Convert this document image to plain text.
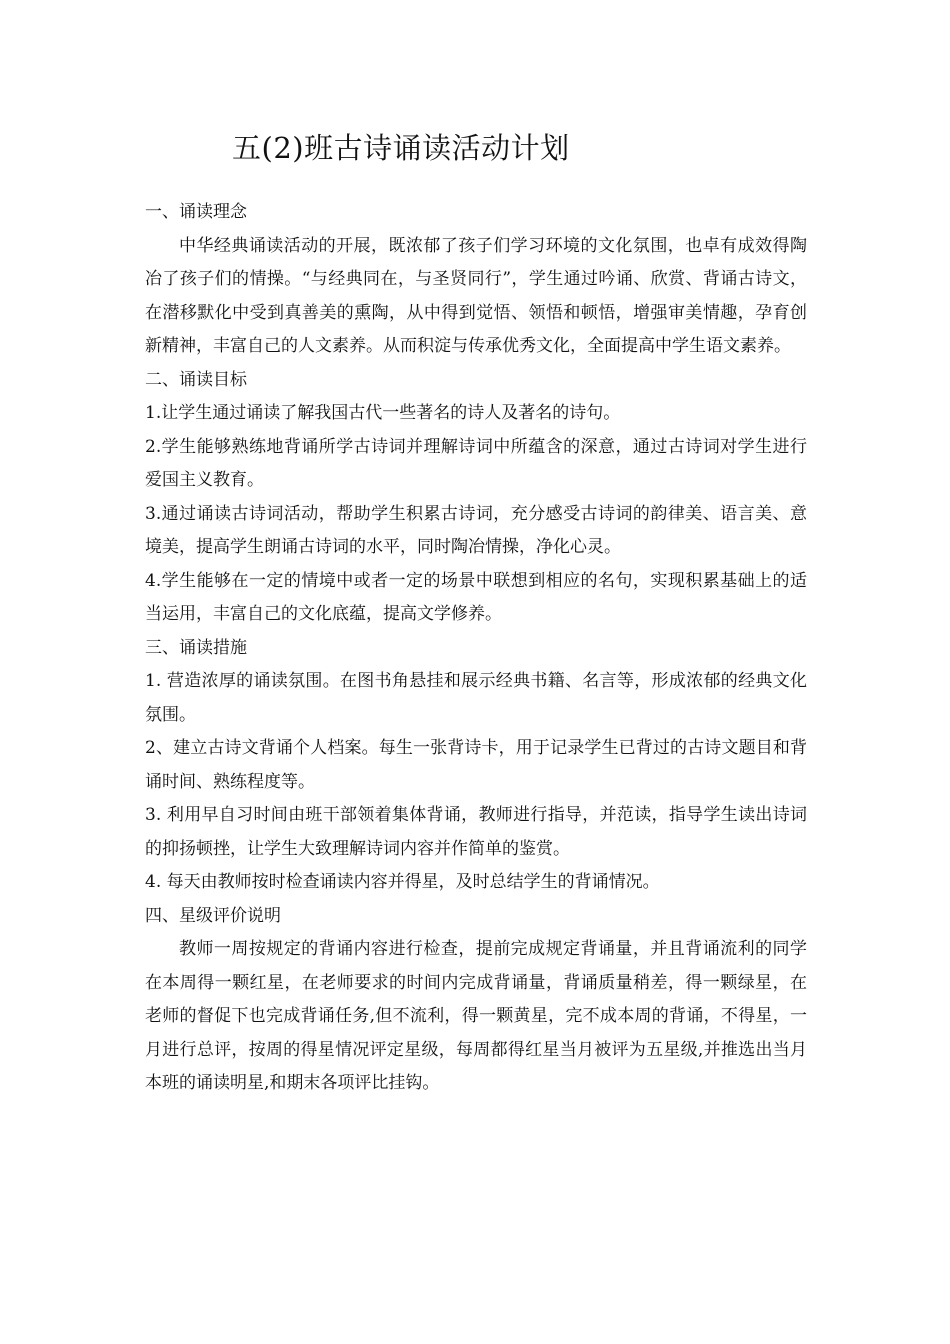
五(2)班古诗诵读活动计划

一、诵读理念

中华经典诵读活动的开展，既浓郁了孩子们学习环境的文化氛围，也卓有成效得陶冶了孩子们的情操。“与经典同在，与圣贤同行”，学生通过吟诵、欣赏、背诵古诗文，在潜移默化中受到真善美的熏陶，从中得到觉悟、领悟和顿悟，增强审美情趣，孕育创新精神，丰富自己的人文素养。从而积淀与传承优秀文化，全面提高中学生语文素养。

二、诵读目标

1.让学生通过诵读了解我国古代一些著名的诗人及著名的诗句。

2.学生能够熟练地背诵所学古诗词并理解诗词中所蕴含的深意，通过古诗词对学生进行爱国主义教育。

3.通过诵读古诗词活动，帮助学生积累古诗词，充分感受古诗词的韵律美、语言美、意境美，提高学生朗诵古诗词的水平，同时陶冶情操，净化心灵。

4.学生能够在一定的情境中或者一定的场景中联想到相应的名句，实现积累基础上的适当运用，丰富自己的文化底蕴，提高文学修养。

三、诵读措施

1. 营造浓厚的诵读氛围。在图书角悬挂和展示经典书籍、名言等，形成浓郁的经典文化氛围。

2、建立古诗文背诵个人档案。每生一张背诗卡，用于记录学生已背过的古诗文题目和背诵时间、熟练程度等。

3. 利用早自习时间由班干部领着集体背诵，教师进行指导，并范读，指导学生读出诗词的抑扬顿挫，让学生大致理解诗词内容并作简单的鉴赏。

4. 每天由教师按时检查诵读内容并得星，及时总结学生的背诵情况。

四、星级评价说明

教师一周按规定的背诵内容进行检查，提前完成规定背诵量，并且背诵流利的同学在本周得一颗红星，在老师要求的时间内完成背诵量，背诵质量稍差，得一颗绿星，在老师的督促下也完成背诵任务,但不流利，得一颗黄星，完不成本周的背诵，不得星，一月进行总评，按周的得星情况评定星级，每周都得红星当月被评为五星级,并推选出当月本班的诵读明星,和期末各项评比挂钩。
